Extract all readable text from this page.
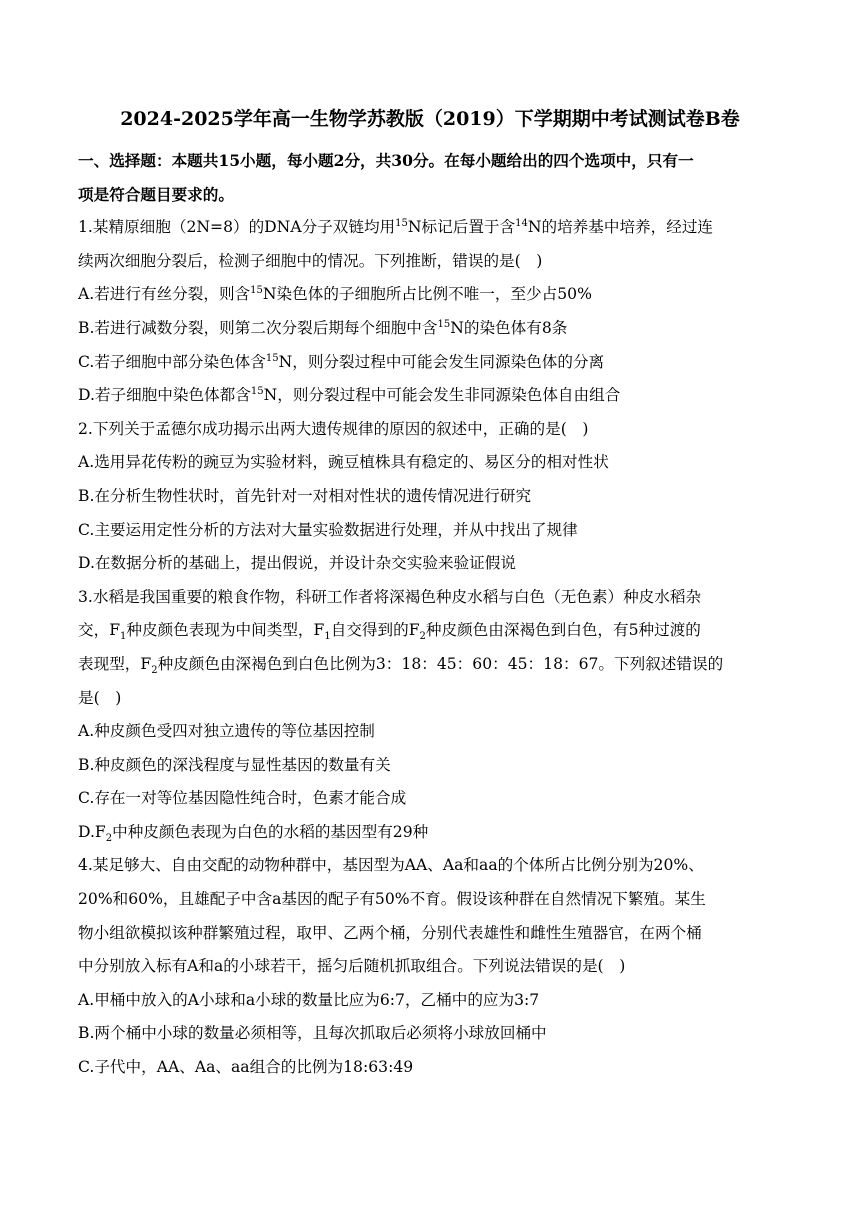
2024-2025学年高一生物学苏教版（2019）下学期期中考试测试卷B卷
一、选择题：本题共15小题，每小题2分，共30分。在每小题给出的四个选项中，只有一
项是符合题目要求的。
1.某精原细胞（2N=8）的DNA分子双链均用$^{15}$N标记后置于含$^{14}$N的培养基中培养，经过连
续两次细胞分裂后，检测子细胞中的情况。下列推断，错误的是(　)
A.若进行有丝分裂，则含$^{15}$N染色体的子细胞所占比例不唯一，至少占50%
B.若进行减数分裂，则第二次分裂后期每个细胞中含$^{15}$N的染色体有8条
C.若子细胞中部分染色体含$^{15}$N，则分裂过程中可能会发生同源染色体的分离
D.若子细胞中染色体都含$^{15}$N，则分裂过程中可能会发生非同源染色体自由组合
2.下列关于孟德尔成功揭示出两大遗传规律的原因的叙述中，正确的是(　)
A.选用异花传粉的豌豆为实验材料，豌豆植株具有稳定的、易区分的相对性状
B.在分析生物性状时，首先针对一对相对性状的遗传情况进行研究
C.主要运用定性分析的方法对大量实验数据进行处理，并从中找出了规律
D.在数据分析的基础上，提出假说，并设计杂交实验来验证假说
3.水稻是我国重要的粮食作物，科研工作者将深褐色种皮水稻与白色（无色素）种皮水稻杂
交，$F_1$种皮颜色表现为中间类型，$F_1$自交得到的$F_2$种皮颜色由深褐色到白色，有5种过渡的
表现型，$F_2$种皮颜色由深褐色到白色比例为3：18：45：60：45：18：67。下列叙述错误的
是(　)
A.种皮颜色受四对独立遗传的等位基因控制
B.种皮颜色的深浅程度与显性基因的数量有关
C.存在一对等位基因隐性纯合时，色素才能合成
$D.F_2$中种皮颜色表现为白色的水稻的基因型有29种
4.某足够大、自由交配的动物种群中，基因型为AA、Aa和aa的个体所占比例分别为20%、
20%和60%，且雄配子中含a基因的配子有50%不育。假设该种群在自然情况下繁殖。某生
物小组欲模拟该种群繁殖过程，取甲、乙两个桶，分别代表雄性和雌性生殖器官，在两个桶
中分别放入标有A和a的小球若干，摇匀后随机抓取组合。下列说法错误的是(　)
A.甲桶中放入的A小球和a小球的数量比应为6:7，乙桶中的应为3:7
B.两个桶中小球的数量必须相等，且每次抓取后必须将小球放回桶中
C.子代中，AA、Aa、aa组合的比例为18:63:49
